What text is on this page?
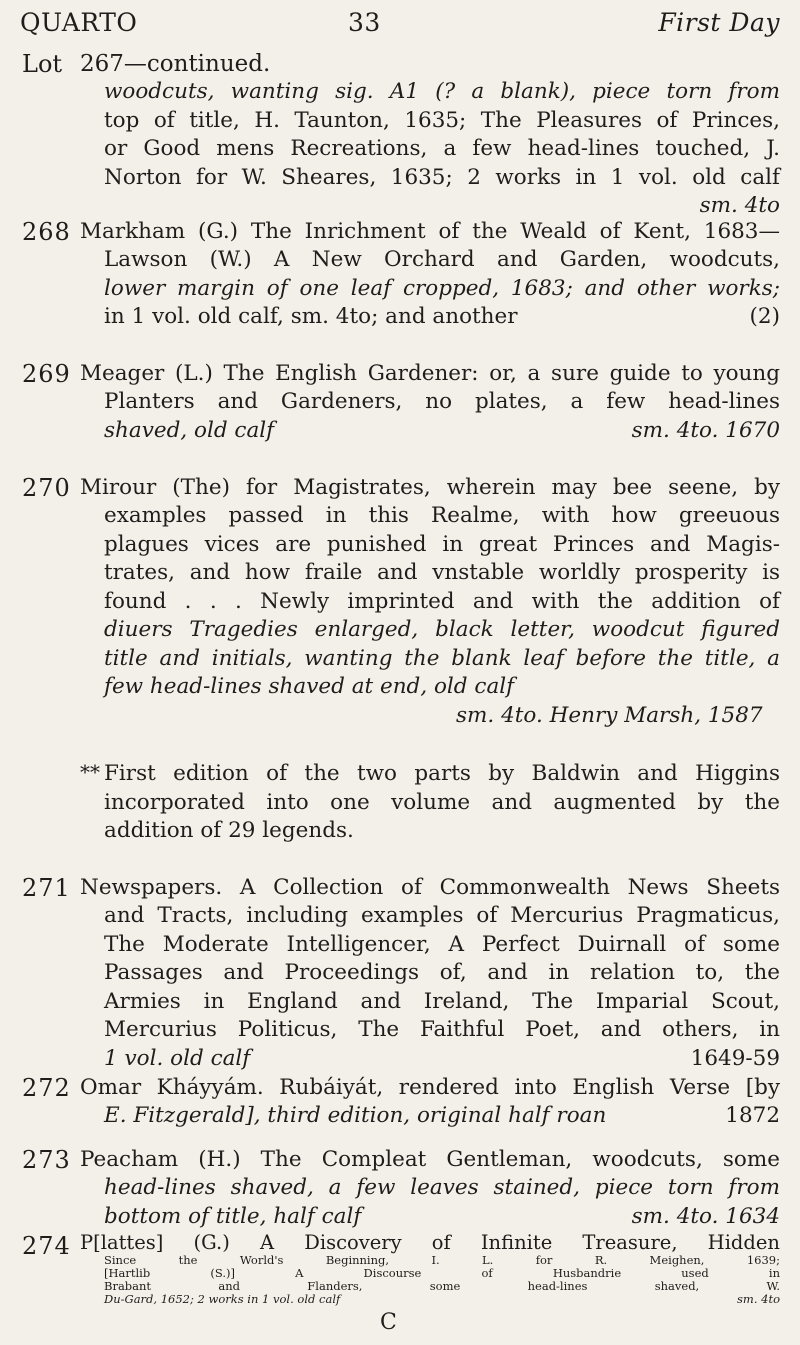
QUARTO	33	First Day
Lot 267—continued.
woodcuts, wanting sig. A1 (? a blank), piece torn from
top of title, H. Taunton, 1635; The Pleasures of Princes,
or Good mens Recreations, a few head-lines touched, J.
Norton for W. Sheares, 1635; 2 works in 1 vol. old calf
sm. 4to
268 Markham (G.) The Inrichment of the Weald of Kent, 1683—
Lawson (W.) A New Orchard and Garden, woodcuts,
lower margin of one leaf cropped, 1683; and other works;
in 1 vol. old calf, sm. 4to; and another	(2)
269 Meager (L.) The English Gardener: or, a sure guide to young
Planters and Gardeners, no plates, a few head-lines
shaved, old calf	sm. 4to. 1670
270 Mirour (The) for Magistrates, wherein may bee seene, by
examples passed in this Realme, with how greeuous
plagues vices are punished in great Princes and Magis-
trates, and how fraile and vnstable worldly prosperity is
found . . . Newly imprinted and with the addition of
diuers Tragedies enlarged, black letter, woodcut figured
title and initials, wanting the blank leaf before the title, a
few head-lines shaved at end, old calf
sm. 4to. Henry Marsh, 1587
** First edition of the two parts by Baldwin and Higgins
incorporated into one volume and augmented by the
addition of 29 legends.
271 Newspapers. A Collection of Commonwealth News Sheets
and Tracts, including examples of Mercurius Pragmaticus,
The Moderate Intelligencer, A Perfect Duirnall of some
Passages and Proceedings of, and in relation to, the
Armies in England and Ireland, The Imparial Scout,
Mercurius Politicus, The Faithful Poet, and others, in
1 vol. old calf	1649-59
272 Omar Kháyyám. Rubáiyát, rendered into English Verse [by
E. Fitzgerald], third edition, original half roan	1872
273 Peacham (H.) The Compleat Gentleman, woodcuts, some
head-lines shaved, a few leaves stained, piece torn from
bottom of title, half calf	sm. 4to. 1634
274 P[lattes] (G.) A Discovery of Infinite Treasure, Hidden
Since the World's Beginning, I. L. for R. Meighen, 1639;
[Hartlib (S.)] A Discourse of Husbandrie used in
Brabant and Flanders, some head-lines shaved, W.
Du-Gard, 1652; 2 works in 1 vol. old calf	sm. 4to
C
